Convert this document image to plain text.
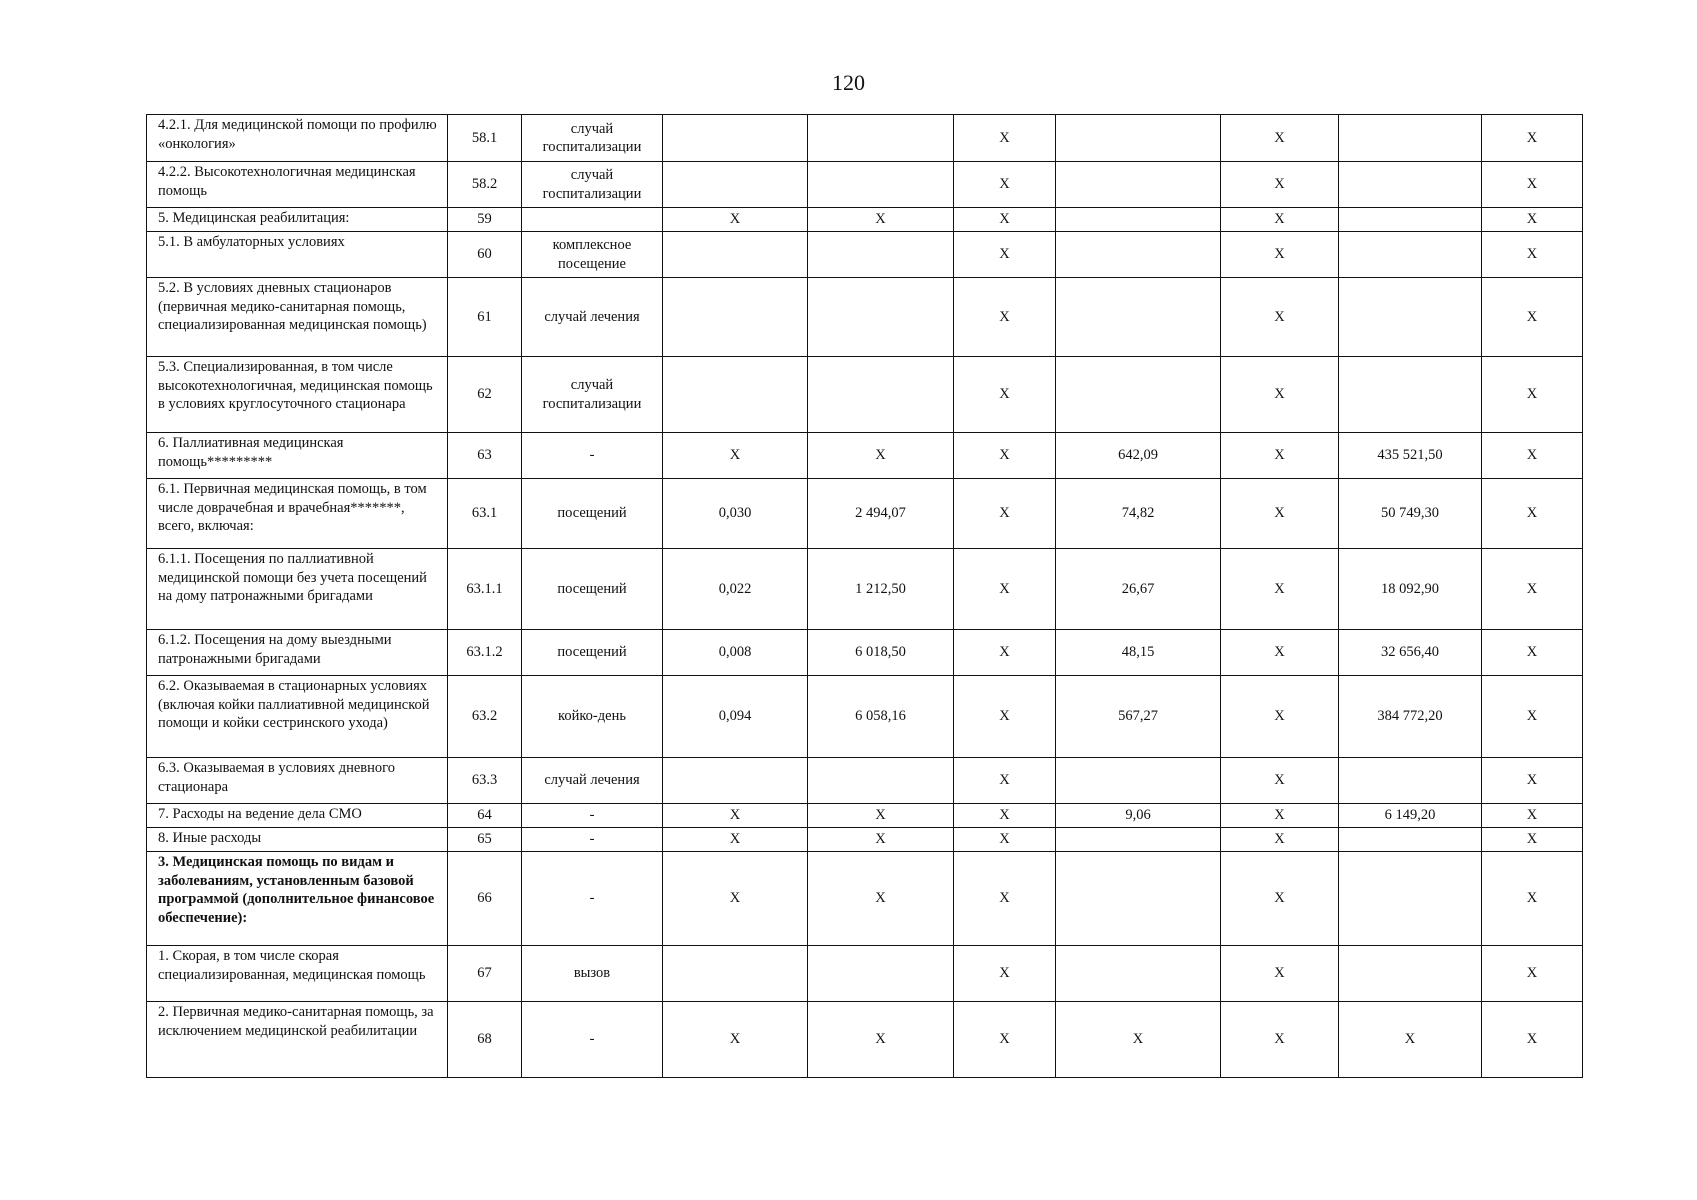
120
4.2.1. Для медицинской помощи по профилю «онкология»	58.1	случай госпитализации			X		X		X
4.2.2. Высокотехнологичная медицинская помощь	58.2	случай госпитализации			X		X		X
5. Медицинская реабилитация:	59		X	X	X		X		X
5.1. В амбулаторных условиях	60	комплексное посещение			X		X		X
5.2. В условиях дневных стационаров (первичная медико-санитарная помощь, специализированная медицинская помощь)	61	случай лечения			X		X		X
5.3. Специализированная, в том числе высокотехнологичная, медицинская помощь в условиях круглосуточного стационара	62	случай госпитализации			X		X		X
6. Паллиативная медицинская помощь*********	63	-	X	X	X	642,09	X	435 521,50	X
6.1. Первичная медицинская помощь, в том числе доврачебная и врачебная*******, всего, включая:	63.1	посещений	0,030	2 494,07	X	74,82	X	50 749,30	X
6.1.1. Посещения по паллиативной медицинской помощи без учета посещений на дому патронажными бригадами	63.1.1	посещений	0,022	1 212,50	X	26,67	X	18 092,90	X
6.1.2. Посещения на дому выездными патронажными бригадами	63.1.2	посещений	0,008	6 018,50	X	48,15	X	32 656,40	X
6.2. Оказываемая в стационарных условиях (включая койки паллиативной медицинской помощи и койки сестринского ухода)	63.2	койко-день	0,094	6 058,16	X	567,27	X	384 772,20	X
6.3. Оказываемая в условиях дневного стационара	63.3	случай лечения			X		X		X
7. Расходы на ведение дела СМО	64	-	X	X	X	9,06	X	6 149,20	X
8. Иные расходы	65	-	X	X	X		X		X
3. Медицинская помощь по видам и заболеваниям, установленным базовой программой (дополнительное финансовое обеспечение):	66	-	X	X	X		X		X
1. Скорая, в том числе скорая специализированная, медицинская помощь	67	вызов			X		X		X
2. Первичная медико-санитарная помощь, за исключением медицинской реабилитации	68	-	X	X	X	X	X	X	X
